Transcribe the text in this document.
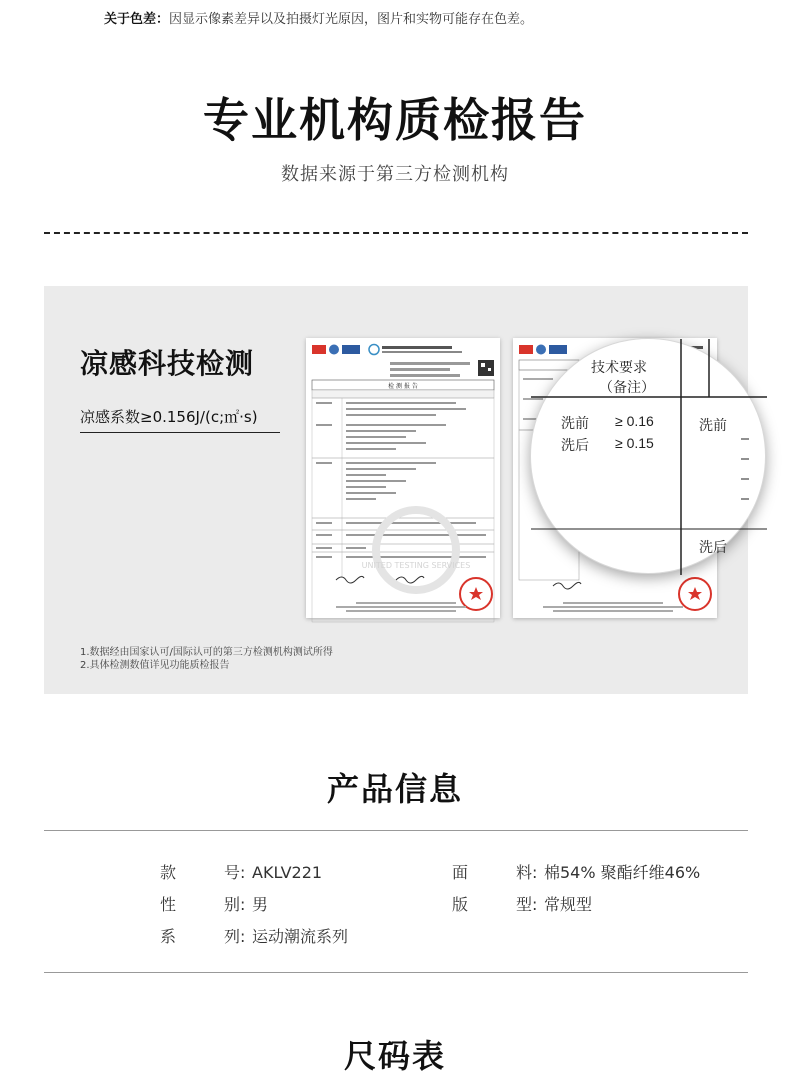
关于色差：因显示像素差异以及拍摄灯光原因，图片和实物可能存在色差。
专业机构质检报告
数据来源于第三方检测机构
凉感科技检测
凉感系数≥0.156J/(c;㎡·s)
1.数据经由国家认可/国际认可的第三方检测机构测试所得
2.具体检测数值详见功能质检报告
检 测 报 告
UNITED TESTING SERVICES
技术要求
（备注）
洗前 ≥ 0.16
洗后 ≥ 0.15
洗前
洗后
产品信息
款号: AKLV221	面料: 棉54% 聚酯纤维46%
性别: 男	版型: 常规型
系列: 运动潮流系列
尺码表
